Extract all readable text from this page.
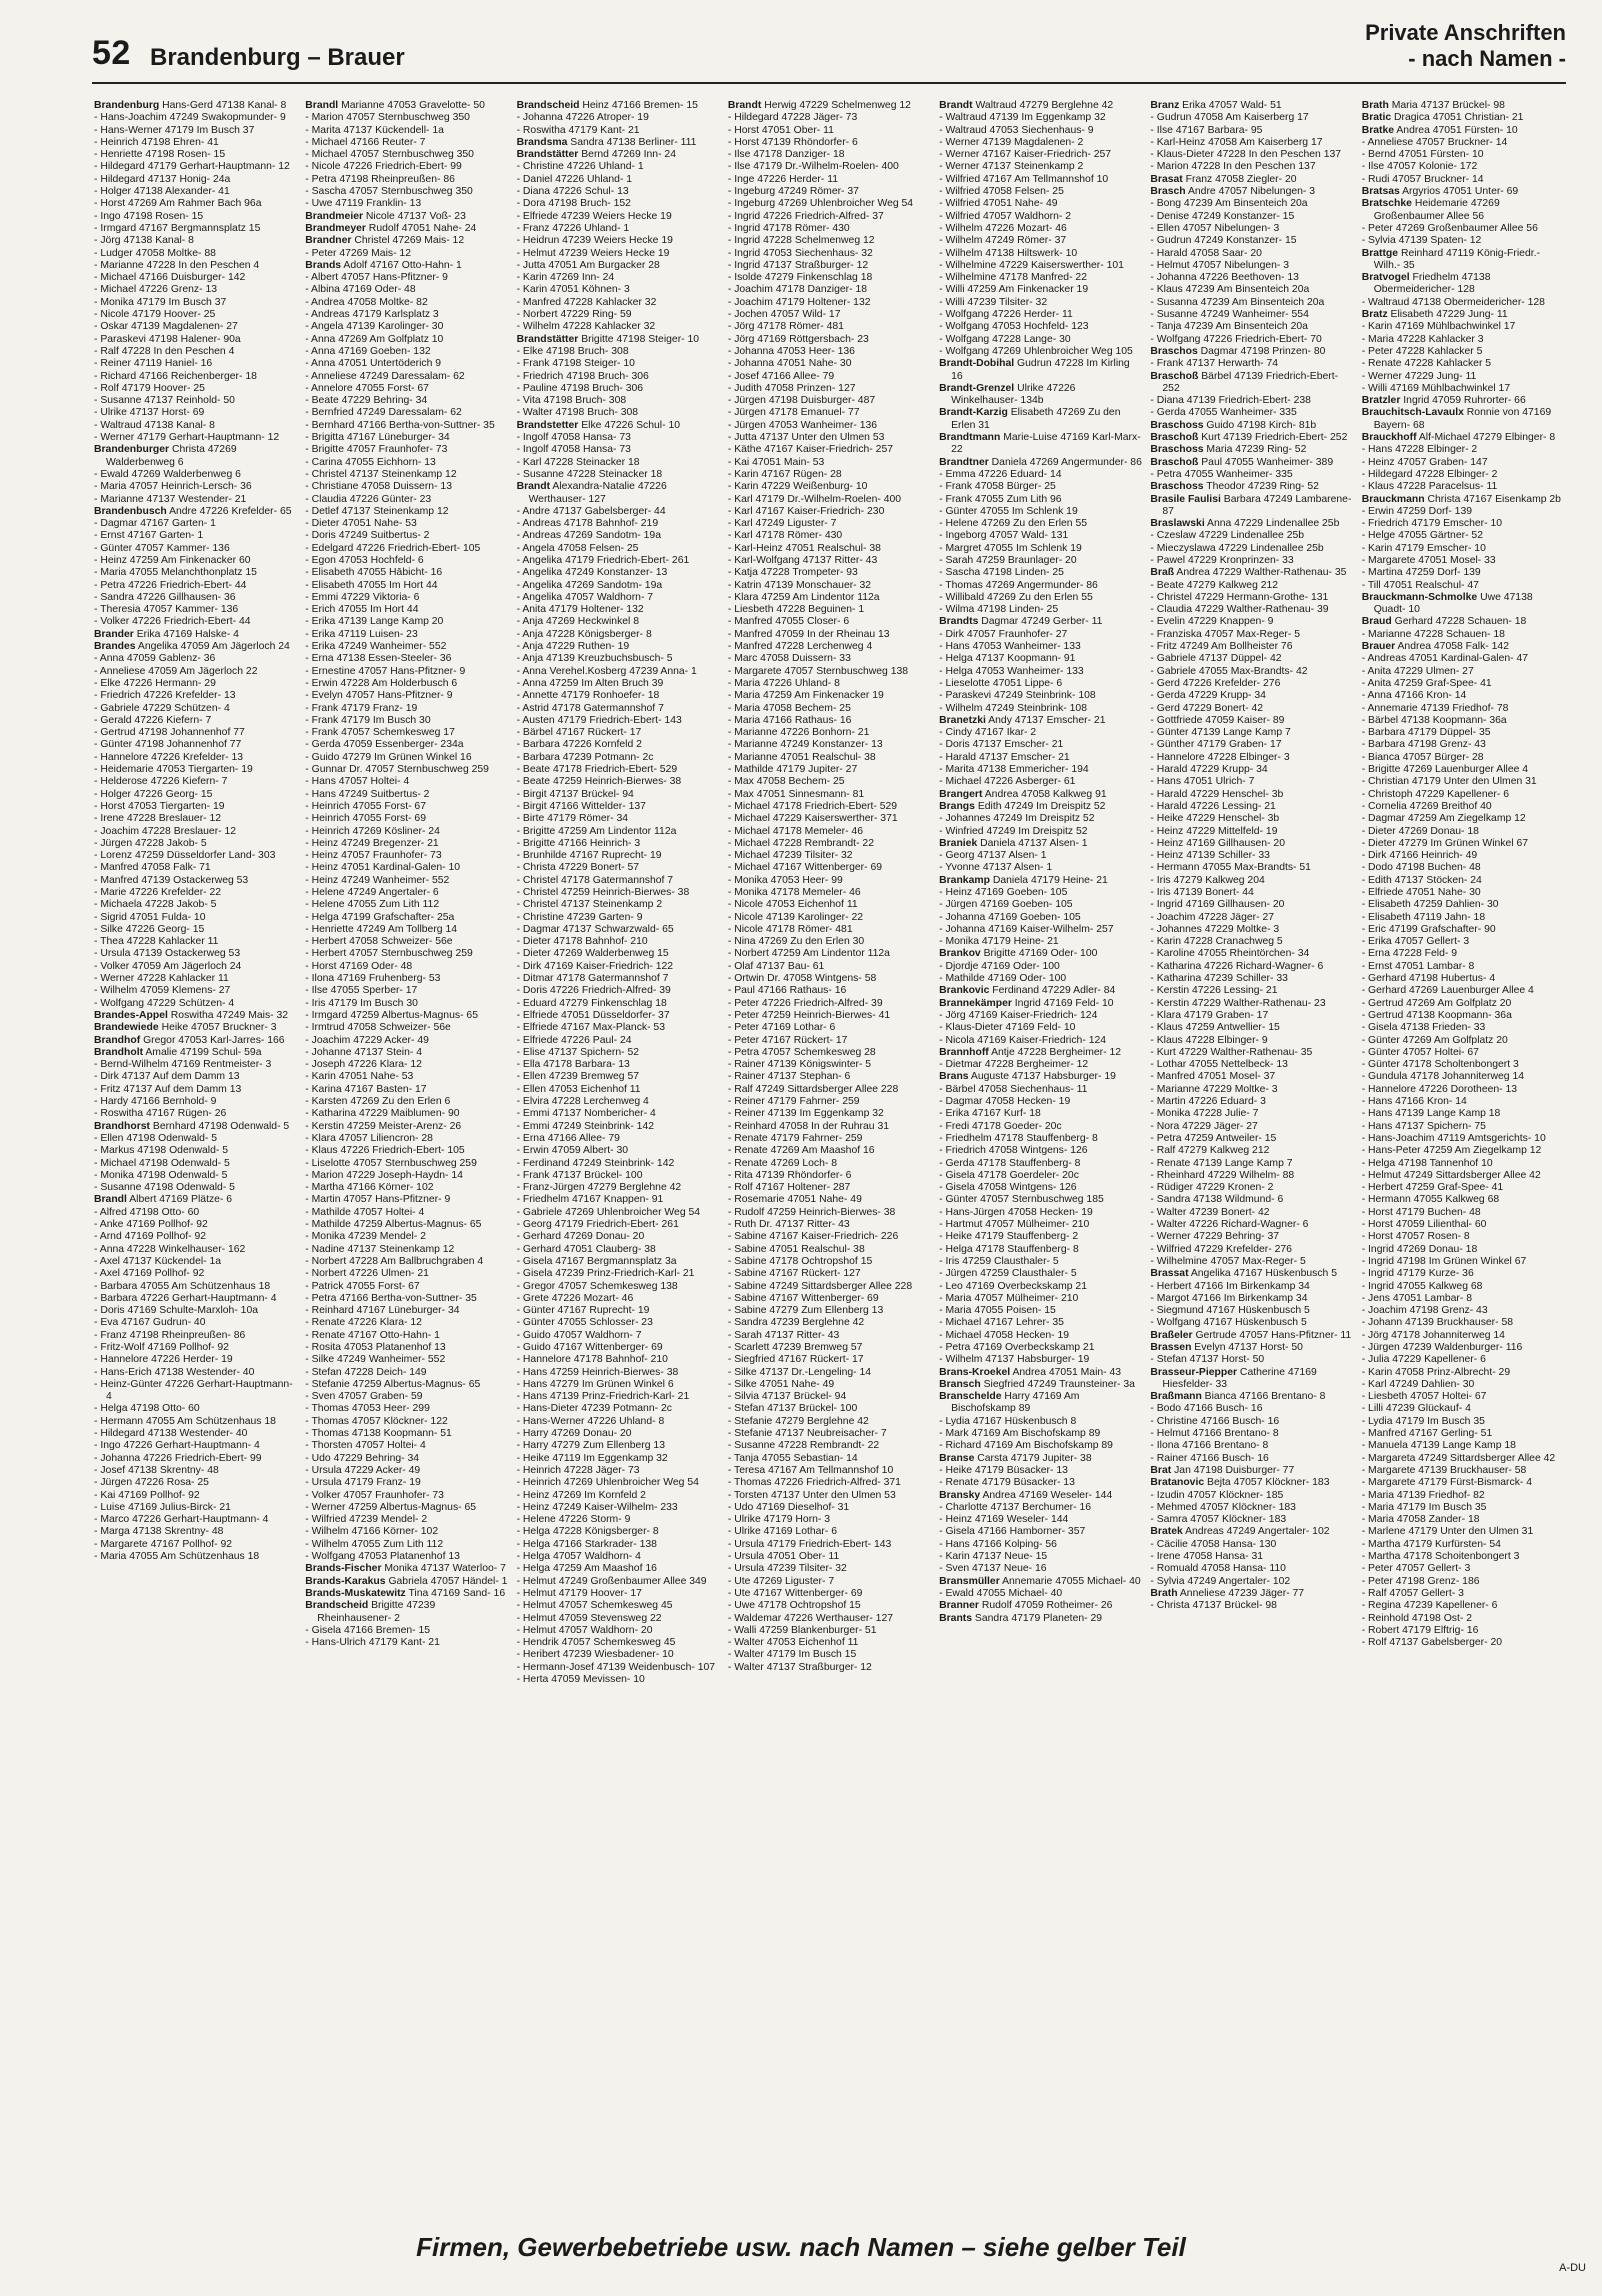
52 Brandenburg – Brauer
Private Anschriften
- nach Namen -
Brandenburg Hans-Gerd 47138 Kanal- 8
- Hans-Joachim 47249 Swakopmunder- 9
- Hans-Werner 47179 Im Busch 37
- Heinrich 47198 Ehren- 41
- Henriette 47198 Rosen- 15
- Hildegard 47179 Gerhart-Hauptmann- 12
- Hildegard 47137 Honig- 24a
- Holger 47138 Alexander- 41
- Horst 47269 Am Rahmer Bach 96a
- Ingo 47198 Rosen- 15
- Irmgard 47167 Bergmannsplatz 15
- Jörg 47138 Kanal- 8
- Ludger 47058 Moltke- 88
- Marianne 47228 In den Peschen 4
- Michael 47166 Duisburger- 142
- Michael 47226 Grenz- 13
- Monika 47179 Im Busch 37
- Nicole 47179 Hoover- 25
- Oskar 47139 Magdalenen- 27
- Paraskevi 47198 Halener- 90a
- Ralf 47228 In den Peschen 4
- Reiner 47119 Haniel- 16
- Richard 47166 Reichenberger- 18
- Rolf 47179 Hoover- 25
- Susanne 47137 Reinhold- 50
- Ulrike 47137 Horst- 69
- Waltraud 47138 Kanal- 8
- Werner 47179 Gerhart-Hauptmann- 12
Brandenburger Christa 47269 Walderbenweg 6
- Ewald 47269 Walderbenweg 6
- Maria 47057 Heinrich-Lersch- 36
- Marianne 47137 Westender- 21
Brandenbusch Andre 47226 Krefelder- 65
- Dagmar 47167 Garten- 1
- Ernst 47167 Garten- 1
- Günter 47057 Kammer- 136
- Heinz 47259 Am Finkenacker 60
- Maria 47055 Melanchthonplatz 15
- Petra 47226 Friedrich-Ebert- 44
- Sandra 47226 Gillhausen- 36
- Theresia 47057 Kammer- 136
- Volker 47226 Friedrich-Ebert- 44
Brander Erika 47169 Halske- 4
Brandes Angelika 47059 Am Jägerloch 24
- Anna 47059 Gablenz- 36
- Anneliese 47059 Am Jägerloch 22
- Elke 47226 Hermann- 29
- Friedrich 47226 Krefelder- 13
- Gabriele 47229 Schützen- 4
- Gerald 47226 Kiefern- 7
- Gertrud 47198 Johannenhof 77
- Günter 47198 Johannenhof 77
- Hannelore 47226 Krefelder- 13
- Heidemarie 47053 Tiergarten- 19
- Helderose 47226 Kiefern- 7
- Holger 47226 Georg- 15
- Horst 47053 Tiergarten- 19
- Irene 47228 Breslauer- 12
- Joachim 47228 Breslauer- 12
- Jürgen 47228 Jakob- 5
- Lorenz 47259 Düsseldorfer Land- 303
- Manfred 47058 Falk- 71
- Manfred 47139 Ostackerweg 53
- Marie 47226 Krefelder- 22
- Michaela 47228 Jakob- 5
- Sigrid 47051 Fulda- 10
- Silke 47226 Georg- 15
- Thea 47228 Kahlacker 11
- Ursula 47139 Ostackerweg 53
- Volker 47059 Am Jägerloch 24
- Werner 47228 Kahlacker 11
- Wilhelm 47059 Klemens- 27
- Wolfgang 47229 Schützen- 4
Brandes-Appel Roswitha 47249 Mais- 32
Brandewiede Heike 47057 Bruckner- 3
Brandhof Gregor 47053 Karl-Jarres- 166
Brandholt Amalie 47199 Schul- 59a
- Bernd-Wilhelm 47169 Rentmeister- 3
- Dirk 47137 Auf dem Damm 13
- Fritz 47137 Auf dem Damm 13
- Hardy 47166 Bernhold- 9
- Roswitha 47167 Rügen- 26
Brandhorst Bernhard 47198 Odenwald- 5
- Ellen 47198 Odenwald- 5
- Markus 47198 Odenwald- 5
- Michael 47198 Odenwald- 5
- Monika 47198 Odenwald- 5
- Susanne 47198 Odenwald- 5
Brandl Albert 47169 Plätze- 6
- Alfred 47198 Otto- 60
- Anke 47169 Pollhof- 92
- Arnd 47169 Pollhof- 92
- Anna 47228 Winkelhauser- 162
- Axel 47137 Kückendel- 1a
- Axel 47169 Pollhof- 92
- Barbara 47055 Am Schützenhaus 18
- Barbara 47226 Gerhart-Hauptmann- 4
- Doris 47169 Schulte-Marxloh- 10a
- Eva 47167 Gudrun- 40
- Franz 47198 Rheinpreußen- 86
- Fritz-Wolf 47169 Pollhof- 92
- Hannelore 47226 Herder- 19
- Hans-Erich 47138 Westender- 40
- Heinz-Günter 47226 Gerhart-Hauptmann- 4
- Helga 47198 Otto- 60
- Hermann 47055 Am Schützenhaus 18
- Hildegard 47138 Westender- 40
- Ingo 47226 Gerhart-Hauptmann- 4
- Johanna 47226 Friedrich-Ebert- 99
- Josef 47138 Skrentny- 48
- Jürgen 47226 Rosa- 25
- Kai 47169 Pollhof- 92
- Luise 47169 Julius-Birck- 21
- Marco 47226 Gerhart-Hauptmann- 4
- Marga 47138 Skrentny- 48
- Margarete 47167 Pollhof- 92
- Maria 47055 Am Schützenhaus 18
Brandl Marianne 47053 Gravelotte- 50
- Marion 47057 Sternbuschweg 350
- Marita 47137 Kückendell- 1a
- Michael 47166 Reuter- 7
- Michael 47057 Sternbuschweg 350
- Nicole 47226 Friedrich-Ebert- 99
- Petra 47198 Rheinpreußen- 86
- Sascha 47057 Sternbuschweg 350
- Uwe 47119 Franklin- 13
Brandmeier Nicole 47137 Voß- 23
Brandmeyer Rudolf 47051 Nahe- 24
Brandner Christel 47269 Mais- 12
- Peter 47269 Mais- 12
Brands Adolf 47167 Otto-Hahn- 1
- Albert 47057 Hans-Pfitzner- 9
- Albina 47169 Oder- 48
- Andrea 47058 Moltke- 82
- Andreas 47179 Karlsplatz 3
- Angela 47139 Karolinger- 30
- Anna 47269 Am Golfplatz 10
- Anna 47169 Goeben- 132
- Anna 47051 Untertöderich 9
- Anneliese 47249 Daressalam- 62
- Annelore 47055 Forst- 67
- Beate 47229 Behring- 34
- Bernfried 47249 Daressalam- 62
- Bernhard 47166 Bertha-von-Suttner- 35
- Brigitta 47167 Lüneburger- 34
- Brigitte 47057 Fraunhofer- 73
- Carina 47055 Eichhorn- 13
- Christel 47137 Steinenkamp 12
- Christiane 47058 Duissern- 13
- Claudia 47226 Günter- 23
- Detlef 47137 Steinenkamp 12
- Dieter 47051 Nahe- 53
- Doris 47249 Suitbertus- 2
- Edelgard 47226 Friedrich-Ebert- 105
- Egon 47053 Hochfeld- 6
- Elisabeth 47055 Hābicht- 16
- Elisabeth 47055 Im Hort 44
- Emmi 47229 Viktoria- 6
- Erich 47055 Im Hort 44
- Erika 47139 Lange Kamp 20
- Erika 47119 Luisen- 23
- Erika 47249 Wanheimer- 552
- Erna 47138 Essen-Steeler- 36
- Ernestine 47057 Hans-Pfitzner- 9
- Erwin 47228 Am Holderbusch 6
- Evelyn 47057 Hans-Pfitzner- 9
- Frank 47179 Franz- 19
- Frank 47179 Im Busch 30
- Frank 47057 Schemkesweg 17
- Gerda 47059 Essenberger- 234a
- Guido 47279 Im Grünen Winkel 16
- Gunnar Dr. 47057 Sternbuschweg 259
- Hans 47057 Holtei- 4
- Hans 47249 Suitbertus- 2
- Heinrich 47055 Forst- 67
- Heinrich 47055 Forst- 69
- Heinrich 47269 Kösliner- 24
- Heinz 47249 Bregenzer- 21
- Heinz 47057 Fraunhofer- 73
- Heinz 47051 Kardinal-Galen- 10
- Heinz 47249 Wanheimer- 552
- Helene 47249 Angertaler- 6
- Helene 47055 Zum Lith 112
- Helga 47199 Grafschafter- 25a
- Henriette 47249 Am Tollberg 14
- Herbert 47058 Schweizer- 56e
- Herbert 47057 Sternbuschweg 259
- Horst 47169 Oder- 48
- Ilona 47169 Fruhenberg- 53
- Ilse 47055 Sperber- 17
- Iris 47179 Im Busch 30
- Irmgard 47259 Albertus-Magnus- 65
- Irmtrud 47058 Schweizer- 56e
- Joachim 47229 Acker- 49
- Johanne 47137 Stein- 4
- Joseph 47226 Klara- 12
- Karin 47051 Nahe- 53
- Karina 47167 Basten- 17
- Karsten 47269 Zu den Erlen 6
- Katharina 47229 Maiblumen- 90
- Kerstin 47259 Meister-Arenz- 26
- Klara 47057 Liliencron- 28
- Klaus 47226 Friedrich-Ebert- 105
- Liselotte 47057 Sternbuschweg 259
- Marion 47229 Joseph-Haydn- 14
- Martha 47166 Körner- 102
- Martin 47057 Hans-Pfitzner- 9
- Mathilde 47057 Holtei- 4
- Mathilde 47259 Albertus-Magnus- 65
- Monika 47239 Mendel- 2
- Nadine 47137 Steinenkamp 12
- Norbert 47228 Am Ballbruchgraben 4
- Norbert 47226 Ulmen- 21
- Patrick 47055 Forst- 67
- Petra 47166 Bertha-von-Suttner- 35
- Reinhard 47167 Lüneburger- 34
- Renate 47226 Klara- 12
- Renate 47167 Otto-Hahn- 1
- Rosita 47053 Platanenhof 13
- Silke 47249 Wanheimer- 552
- Stefan 47228 Deich- 149
- Stefanie 47259 Albertus-Magnus- 65
- Sven 47057 Graben- 59
- Thomas 47053 Heer- 299
- Thomas 47057 Klöckner- 122
- Thomas 47138 Koopmann- 51
- Thorsten 47057 Holtei- 4
- Udo 47229 Behring- 34
- Ursula 47229 Acker- 49
- Ursula 47179 Franz- 19
- Volker 47057 Fraunhofer- 73
- Werner 47259 Albertus-Magnus- 65
- Wilfried 47239 Mendel- 2
- Wilhelm 47166 Körner- 102
- Wilhelm 47055 Zum Lith 112
- Wolfgang 47053 Platanenhof 13
Brands-Fischer Monika 47137 Waterloo- 7
Brands-Karakus Gabriela 47057 Händel- 1
Brands-Muskatewitz Tina 47169 Sand- 16
Brandscheid Brigitte 47239 Rheinhausener- 2
- Gisela 47166 Bremen- 15
- Hans-Ulrich 47179 Kant- 21
Brandscheid Heinz 47166 Bremen- 15
- Johanna 47226 Atroper- 19
- Roswitha 47179 Kant- 21
Brandsma Sandra 47138 Berliner- 111
Brandstätter Bernd 47269 Inn- 24
- Christine 47226 Uhland- 1
- Daniel 47226 Uhland- 1
- Diana 47226 Schul- 13
- Dora 47198 Bruch- 152
- Elfriede 47239 Weiers Hecke 19
- Franz 47226 Uhland- 1
- Heidrun 47239 Weiers Hecke 19
- Helmut 47239 Weiers Hecke 19
- Jutta 47051 Am Burgacker 28
- Karin 47269 Inn- 24
- Karin 47051 Köhnen- 3
- Manfred 47228 Kahlacker 32
- Norbert 47229 Ring- 59
- Wilhelm 47228 Kahlacker 32
Brandstätter Brigitte 47198 Steiger- 10
- Elke 47198 Bruch- 308
- Frank 47198 Steiger- 10
- Friedrich 47198 Bruch- 306
- Pauline 47198 Bruch- 306
- Vita 47198 Bruch- 308
- Walter 47198 Bruch- 308
Brandstetter Elke 47226 Schul- 10
- Ingolf 47058 Hansa- 73
- Ingolf 47058 Hansa- 73
- Karl 47228 Steinacker 18
- Susanne 47228 Steinacker 18
Brandt Alexandra-Natalie 47226 Werthauser- 127
- Andre 47137 Gabelsberger- 44
- Andreas 47178 Bahnhof- 219
- Andreas 47269 Sandotm- 19a
- Angela 47058 Felsen- 25
- Angelika 47179 Friedrich-Ebert- 261
- Angelika 47249 Konstanzer- 13
- Angelika 47269 Sandotm- 19a
- Angelika 47057 Waldhorn- 7
- Anita 47179 Holtener- 132
- Anja 47269 Heckwinkel 8
- Anja 47228 Königsberger- 8
- Anja 47229 Ruthen- 19
- Anja 47139 Kreuzbuchsbusch- 5
- Anna Verehel.Kosberg 47239 Anna- 1
- Anna 47259 Im Alten Bruch 39
- Annette 47179 Ronhoefer- 18
- Astrid 47178 Gatermannshof 7
- Austen 47179 Friedrich-Ebert- 143
- Bärbel 47167 Rückert- 17
- Barbara 47226 Kornfeld 2
- Barbara 47239 Potmann- 2c
- Beate 47178 Friedrich-Ebert- 529
- Beate 47259 Heinrich-Bierwes- 38
- Birgit 47137 Brückel- 94
- Birgit 47166 Wittelder- 137
- Birte 47179 Römer- 34
- Brigitte 47259 Am Lindentor 112a
- Brigitte 47166 Heinrich- 3
- Brunhilde 47167 Ruprecht- 19
- Christa 47229 Bonert- 57
- Christel 47178 Gatermannshof 7
- Christel 47259 Heinrich-Bierwes- 38
- Christel 47137 Steinenkamp 2
- Christine 47239 Garten- 9
- Dagmar 47137 Schwarzwald- 65
- Dieter 47178 Bahnhof- 210
- Dieter 47269 Walderbenweg 15
- Dirk 47169 Kaiser-Friedrich- 122
- Ditmar 47178 Gatermannshof 7
- Doris 47226 Friedrich-Alfred- 39
- Eduard 47279 Finkenschlag 18
- Elfriede 47051 Düsseldorfer- 37
- Elfriede 47167 Max-Planck- 53
- Elfriede 47226 Paul- 24
- Elise 47137 Spichern- 52
- Ella 47178 Barbara- 13
- Ellen 47239 Bremweg 57
- Ellen 47053 Eichenhof 11
- Elvira 47228 Lerchenweg 4
- Emmi 47137 Nombericher- 4
- Emmi 47249 Steinbrink- 142
- Erna 47166 Allee- 79
- Erwin 47059 Albert- 30
- Ferdinand 47249 Steinbrink- 142
- Frank 47137 Brückel- 100
- Franz-Jürgen 47279 Berglehne 42
- Friedhelm 47167 Knappen- 91
- Gabriele 47269 Uhlenbroicher Weg 54
- Georg 47179 Friedrich-Ebert- 261
- Gerhard 47269 Donau- 20
- Gerhard 47051 Clauberg- 38
- Gisela 47167 Bergmannsplatz 3a
- Gisela 47239 Prinz-Friedrich-Karl- 21
- Gregor 47057 Schemkesweg 138
- Grete 47226 Mozart- 46
- Günter 47167 Ruprecht- 19
- Günter 47055 Schlosser- 23
- Guido 47057 Waldhorn- 7
- Guido 47167 Wittenberger- 69
- Hannelore 47178 Bahnhof- 210
- Hans 47259 Heinrich-Bierwes- 38
- Hans 47279 Im Grünen Winkel 6
- Hans 47139 Prinz-Friedrich-Karl- 21
- Hans-Dieter 47239 Potmann- 2c
- Hans-Werner 47226 Uhland- 8
- Harry 47269 Donau- 20
- Harry 47279 Zum Ellenberg 13
- Heike 47119 Im Eggenkamp 32
- Heinrich 47228 Jäger- 73
- Heinrich 47269 Uhlenbroicher Weg 54
- Heinz 47269 Im Kornfeld 2
- Heinz 47249 Kaiser-Wilhelm- 233
- Helene 47226 Storm- 9
- Helga 47228 Königsberger- 8
- Helga 47166 Starkrader- 138
- Helga 47057 Waldhorn- 4
- Helga 47259 Am Maashof 16
- Helmut 47249 Großenbaumer Allee 349
- Helmut 47179 Hoover- 17
- Helmut 47057 Schemkesweg 45
- Helmut 47059 Stevensweg 22
- Helmut 47057 Waldhorn- 20
- Hendrik 47057 Schemkesweg 45
- Heribert 47239 Wiesbadener- 10
- Hermann-Josef 47139 Weidenbusch- 107
- Herta 47059 Mevissen- 10
Brandt Herwig 47229 Schelmenweg 12
- Hildegard 47228 Jäger- 73
- Horst 47051 Ober- 11
- Horst 47139 Rhöndorfer- 6
- Ilse 47178 Danziger- 18
- Ilse 47179 Dr.-Wilhelm-Roelen- 400
- Inge 47226 Herder- 11
- Ingeburg 47249 Römer- 37
- Ingeburg 47269 Uhlenbroicher Weg 54
- Ingrid 47226 Friedrich-Alfred- 37
- Ingrid 47178 Römer- 430
- Ingrid 47228 Schelmenweg 12
- Ingrid 47053 Siechenhaus- 32
- Ingrid 47137 Straßburger- 12
- Isolde 47279 Finkenschlag 18
- Joachim 47178 Danziger- 18
- Joachim 47179 Holtener- 132
- Jochen 47057 Wild- 17
- Jörg 47178 Römer- 481
- Jörg 47169 Röttgersbach- 23
- Johanna 47053 Heer- 136
- Johanna 47051 Nahe- 30
- Josef 47166 Allee- 79
- Judith 47058 Prinzen- 127
- Jürgen 47198 Duisburger- 487
- Jürgen 47178 Emanuel- 77
- Jürgen 47053 Wanheimer- 136
- Jutta 47137 Unter den Ulmen 53
- Käthe 47167 Kaiser-Friedrich- 257
- Kai 47051 Main- 53
- Karin 47167 Rügen- 28
- Karin 47229 Weißenburg- 10
- Karl 47179 Dr.-Wilhelm-Roelen- 400
- Karl 47167 Kaiser-Friedrich- 230
- Karl 47249 Liguster- 7
- Karl 47178 Römer- 430
- Karl-Heinz 47051 Realschul- 38
- Karl-Wolfgang 47137 Ritter- 43
- Katja 47228 Trompeter- 93
- Katrin 47139 Monschauer- 32
- Klara 47259 Am Lindentor 112a
- Liesbeth 47228 Beguinen- 1
- Manfred 47055 Closer- 6
- Manfred 47059 In der Rheinau 13
- Manfred 47228 Lerchenweg 4
- Marc 47058 Duissern- 33
- Margarete 47057 Sternbuschweg 138
- Maria 47226 Uhland- 8
- Maria 47259 Am Finkenacker 19
- Maria 47058 Bechem- 25
- Maria 47166 Rathaus- 16
- Marianne 47226 Bonhorn- 21
- Marianne 47249 Konstanzer- 13
- Marianne 47051 Realschul- 38
- Mathilde 47179 Jupiter- 27
- Max 47058 Bechem- 25
- Max 47051 Sinnesmann- 81
- Michael 47178 Friedrich-Ebert- 529
- Michael 47229 Kaiserswerther- 371
- Michael 47178 Memeler- 46
- Michael 47228 Rembrandt- 22
- Michael 47239 Tilsiter- 32
- Michael 47167 Wittenberger- 69
- Monika 47053 Heer- 99
- Monika 47178 Memeler- 46
- Nicole 47053 Eichenhof 11
- Nicole 47139 Karolinger- 22
- Nicole 47178 Römer- 481
- Nina 47269 Zu den Erlen 30
- Norbert 47259 Am Lindentor 112a
- Olaf 47137 Bau- 61
- Ortwin Dr. 47058 Wintgens- 58
- Paul 47166 Rathaus- 16
- Peter 47226 Friedrich-Alfred- 39
- Peter 47259 Heinrich-Bierwes- 41
- Peter 47169 Lothar- 6
- Peter 47167 Rückert- 17
- Petra 47057 Schemkesweg 28
- Rainer 47139 Königswinter- 5
- Rainer 47137 Stephan- 6
- Ralf 47249 Sittardsberger Allee 228
- Reiner 47179 Fahrner- 259
- Reiner 47139 Im Eggenkamp 32
- Reinhard 47058 In der Ruhrau 31
- Renate 47179 Fahrner- 259
- Renate 47269 Am Maashof 16
- Renate 47269 Loch- 8
- Rita 47139 Rhöndorfer- 6
- Rolf 47167 Holtener- 287
- Rosemarie 47051 Nahe- 49
- Rudolf 47259 Heinrich-Bierwes- 38
- Ruth Dr. 47137 Ritter- 43
- Sabine 47167 Kaiser-Friedrich- 226
- Sabine 47051 Realschul- 38
- Sabine 47178 Ochtropshof 15
- Sabine 47167 Rückert- 127
- Sabine 47249 Sittardsberger Allee 228
- Sabine 47167 Wittenberger- 69
- Sabine 47279 Zum Ellenberg 13
- Sandra 47239 Berglehne 42
- Sarah 47137 Ritter- 43
- Scarlett 47239 Bremweg 57
- Siegfried 47167 Rückert- 17
- Silke 47137 Dr.-Lengeling- 14
- Silke 47051 Nahe- 49
- Silvia 47137 Brückel- 94
- Stefan 47137 Brückel- 100
- Stefanie 47279 Berglehne 42
- Stefanie 47137 Neubreisacher- 7
- Susanne 47228 Rembrandt- 22
- Tanja 47055 Sebastian- 14
- Teresa 47167 Am Tellmannshof 10
- Thomas 47226 Friedrich-Alfred- 371
- Torsten 47137 Unter den Ulmen 53
- Udo 47169 Dieselhof- 31
- Ulrike 47179 Horn- 3
- Ulrike 47169 Lothar- 6
- Ursula 47179 Friedrich-Ebert- 143
- Ursula 47051 Ober- 11
- Ursula 47239 Tilsiter- 32
- Ute 47269 Liguster- 7
- Ute 47167 Wittenberger- 69
- Uwe 47178 Ochtropshof 15
- Waldemar 47226 Werthauser- 127
- Walli 47259 Blankenburger- 51
- Walter 47053 Eichenhof 11
- Walter 47179 Im Busch 15
- Walter 47137 Straßburger- 12
Brandt Waltraud 47279 Berglehne 42
- Waltraud 47139 Im Eggenkamp 32
- Waltraud 47053 Siechenhaus- 9
- Werner 47139 Magdalenen- 2
- Werner 47167 Kaiser-Friedrich- 257
- Werner 47137 Steinenkamp 2
- Wilfried 47167 Am Tellmannshof 10
- Wilfried 47058 Felsen- 25
- Wilfried 47051 Nahe- 49
- Wilfried 47057 Waldhorn- 2
- Wilhelm 47226 Mozart- 46
- Wilhelm 47249 Römer- 37
- Wilhelm 47138 Hiltswerk- 10
- Wilhelmine 47229 Kaiserswerther- 101
- Wilhelmine 47178 Manfred- 22
- Willi 47259 Am Finkenacker 19
- Willi 47239 Tilsiter- 32
- Wolfgang 47226 Herder- 11
- Wolfgang 47053 Hochfeld- 123
- Wolfgang 47228 Lange- 30
- Wolfgang 47269 Uhlenbroicher Weg 105
Brandt-Dobihal Gudrun 47228 Im Kirling 16
Brandt-Grenzel Ulrike 47226 Winkelhauser- 134b
Brandt-Karzig Elisabeth 47269 Zu den Erlen 31
Brandtmann Marie-Luise 47169 Karl-Marx- 22
Brandtner Daniela 47269 Angermunder- 86
- Emma 47226 Eduard- 14
- Frank 47058 Bürger- 25
- Frank 47055 Zum Lith 96
- Günter 47055 Im Schlenk 19
- Helene 47269 Zu den Erlen 55
- Ingeborg 47057 Wald- 131
- Margret 47055 Im Schlenk 19
- Sarah 47259 Braunlager- 20
- Sascha 47198 Linden- 25
- Thomas 47269 Angermunder- 86
- Willibald 47269 Zu den Erlen 55
- Wilma 47198 Linden- 25
Brandts Dagmar 47249 Gerber- 11
- Dirk 47057 Fraunhofer- 27
- Hans 47053 Wanheimer- 133
- Helga 47137 Koopmann- 91
- Helga 47053 Wanheimer- 133
- Lieselotte 47051 Lippe- 6
- Paraskevi 47249 Steinbrink- 108
- Wilhelm 47249 Steinbrink- 108
Branetzki Andy 47137 Emscher- 21
- Cindy 47167 Ikar- 2
- Doris 47137 Emscher- 21
- Harald 47137 Emscher- 21
- Marita 47138 Emmericher- 194
- Michael 47226 Asberger- 61
Brangert Andrea 47058 Kalkweg 91
Brangs Edith 47249 Im Dreispitz 52
- Johannes 47249 Im Dreispitz 52
- Winfried 47249 Im Dreispitz 52
Braniek Daniela 47137 Alsen- 1
- Georg 47137 Alsen- 1
- Yvonne 47137 Alsen- 1
Brankamp Daniela 47179 Heine- 21
- Heinz 47169 Goeben- 105
- Jürgen 47169 Goeben- 105
- Johanna 47169 Goeben- 105
- Johanna 47169 Kaiser-Wilhelm- 257
- Monika 47179 Heine- 21
Brankov Brigitte 47169 Oder- 100
- Djordje 47169 Oder- 100
- Mathilde 47169 Oder- 100
Brankovic Ferdinand 47229 Adler- 84
Brannekämper Ingrid 47169 Feld- 10
- Jörg 47169 Kaiser-Friedrich- 124
- Klaus-Dieter 47169 Feld- 10
- Nicola 47169 Kaiser-Friedrich- 124
Brannhoff Antje 47228 Bergheimer- 12
- Dietmar 47228 Bergheimer- 12
Brans Auguste 47137 Habsburger- 19
- Bärbel 47058 Siechenhaus- 11
- Dagmar 47058 Hecken- 19
- Erika 47167 Kurf- 18
- Fredi 47178 Goeder- 20c
- Friedhelm 47178 Stauffenberg- 8
- Friedrich 47058 Wintgens- 126
- Gerda 47178 Stauffenberg- 8
- Gisela 47178 Goerdeler- 20c
- Gisela 47058 Wintgens- 126
- Günter 47057 Sternbuschweg 185
- Hans-Jürgen 47058 Hecken- 19
- Hartmut 47057 Mülheimer- 210
- Heike 47179 Stauffenberg- 2
- Helga 47178 Stauffenberg- 8
- Iris 47259 Clausthaler- 5
- Jürgen 47259 Clausthaler- 5
- Leo 47169 Overbeckskamp 21
- Maria 47057 Mülheimer- 210
- Maria 47055 Poisen- 15
- Michael 47167 Lehrer- 35
- Michael 47058 Hecken- 19
- Petra 47169 Overbeckskamp 21
- Wilhelm 47137 Habsburger- 19
Brans-Kroekel Andrea 47051 Main- 43
Bransch Siegfried 47249 Traunsteiner- 3a
Branschelde Harry 47169 Am Bischofskamp 89
- Lydia 47167 Hüskenbusch 8
- Mark 47169 Am Bischofskamp 89
- Richard 47169 Am Bischofskamp 89
Branse Carsta 47179 Jupiter- 38
- Heike 47179 Büsacker- 13
- Renate 47179 Büsacker- 13
Bransky Andrea 47169 Weseler- 144
- Charlotte 47137 Berchumer- 16
- Heinz 47169 Weseler- 144
- Gisela 47166 Hamborner- 357
- Hans 47166 Kolping- 56
- Karin 47137 Neue- 15
- Sven 47137 Neue- 16
Bransmüller Annemarie 47055 Michael- 40
- Ewald 47055 Michael- 40
Branner Rudolf 47059 Rotheimer- 26
Brants Sandra 47179 Planeten- 29
Branz Erika 47057 Wald- 51
- Gudrun 47058 Am Kaiserberg 17
- Ilse 47167 Barbara- 95
- Karl-Heinz 47058 Am Kaiserberg 17
- Klaus-Dieter 47228 In den Peschen 137
- Marion 47228 In den Peschen 137
Brasat Franz 47058 Ziegler- 20
Brasch Andre 47057 Nibelungen- 3
- Bong 47239 Am Binsenteich 20a
- Denise 47249 Konstanzer- 15
- Ellen 47057 Nibelungen- 3
- Gudrun 47249 Konstanzer- 15
- Harald 47058 Saar- 20
- Helmut 47057 Nibelungen- 3
- Johanna 47226 Beethoven- 13
- Klaus 47239 Am Binsenteich 20a
- Susanna 47239 Am Binsenteich 20a
- Susanne 47249 Wanheimer- 554
- Tanja 47239 Am Binsenteich 20a
- Wolfgang 47226 Friedrich-Ebert- 70
Braschos Dagmar 47198 Prinzen- 80
- Frank 47137 Herwarth- 74
Braschoß Bärbel 47139 Friedrich-Ebert- 252
- Diana 47139 Friedrich-Ebert- 238
- Gerda 47055 Wanheimer- 335
Braschoss Guido 47198 Kirch- 81b
Braschoß Kurt 47139 Friedrich-Ebert- 252
Braschoss Maria 47239 Ring- 52
Braschoß Paul 47055 Wanheimer- 389
- Petra 47055 Wanheimer- 335
Braschoss Theodor 47239 Ring- 52
Brasile Faulisi Barbara 47249 Lambarene- 87
Braslawski Anna 47229 Lindenallee 25b
- Czeslaw 47229 Lindenallee 25b
- Mieczyslawa 47229 Lindenallee 25b
- Pawel 47229 Kronprinzen- 33
Braß Andrea 47229 Walther-Rathenau- 35
- Beate 47279 Kalkweg 212
- Christel 47229 Hermann-Grothe- 131
- Claudia 47229 Walther-Rathenau- 39
- Evelin 47229 Knappen- 9
- Franziska 47057 Max-Reger- 5
- Fritz 47249 Am Bollheister 76
- Gabriele 47137 Düppel- 42
- Gabriele 47055 Max-Brandts- 42
- Gerd 47226 Krefelder- 276
- Gerda 47229 Krupp- 34
- Gerd 47229 Bonert- 42
- Gottfriede 47059 Kaiser- 89
- Günter 47139 Lange Kamp 7
- Günther 47179 Graben- 17
- Hannelore 47228 Elbinger- 3
- Harald 47229 Krupp- 34
- Hans 47051 Ulrich- 7
- Harald 47229 Henschel- 3b
- Harald 47226 Lessing- 21
- Heike 47229 Henschel- 3b
- Heinz 47229 Mittelfeld- 19
- Heinz 47169 Gillhausen- 20
- Heinz 47139 Schiller- 33
- Hermann 47055 Max-Brandts- 51
- Iris 47279 Kalkweg 204
- Iris 47139 Bonert- 44
- Ingrid 47169 Gillhausen- 20
- Joachim 47228 Jäger- 27
- Johannes 47229 Moltke- 3
- Karin 47228 Cranachweg 5
- Karoline 47055 Rheintörchen- 34
- Katharina 47226 Richard-Wagner- 6
- Katharina 47239 Schiller- 33
- Kerstin 47226 Lessing- 21
- Kerstin 47229 Walther-Rathenau- 23
- Klara 47179 Graben- 17
- Klaus 47259 Antwellier- 15
- Klaus 47228 Elbinger- 9
- Kurt 47229 Walther-Rathenau- 35
- Lothar 47055 Nettelbeck- 13
- Manfred 47051 Mosel- 37
- Marianne 47229 Moltke- 3
- Martin 47226 Eduard- 3
- Monika 47228 Julie- 7
- Nora 47229 Jäger- 27
- Petra 47259 Antweiler- 15
- Ralf 47279 Kalkweg 212
- Renate 47139 Lange Kamp 7
- Rheinhard 47229 Wilhelm- 88
- Rüdiger 47229 Kronen- 2
- Sandra 47138 Wildmund- 6
- Walter 47239 Bonert- 42
- Walter 47226 Richard-Wagner- 6
- Werner 47229 Behring- 37
- Wilfried 47229 Krefelder- 276
- Wilhelmine 47057 Max-Reger- 5
Brassat Angelika 47167 Hüskenbusch 5
- Herbert 47166 Im Birkenkamp 34
- Margot 47166 Im Birkenkamp 34
- Siegmund 47167 Hüskenbusch 5
- Wolfgang 47167 Hüskenbusch 5
Braßeler Gertrude 47057 Hans-Pfitzner- 11
Brassen Evelyn 47137 Horst- 50
- Stefan 47137 Horst- 50
Brasseur-Piepper Catherine 47169 Hiesfelder- 33
Braßmann Bianca 47166 Brentano- 8
- Bodo 47166 Busch- 16
- Christine 47166 Busch- 16
- Helmut 47166 Brentano- 8
- Ilona 47166 Brentano- 8
- Rainer 47166 Busch- 16
Brat Jan 47198 Duisburger- 77
Bratanovic Bejta 47057 Klöckner- 183
- Izudin 47057 Klöckner- 185
- Mehmed 47057 Klöckner- 183
- Samra 47057 Klöckner- 183
Bratek Andreas 47249 Angertaler- 102
- Cäcilie 47058 Hansa- 130
- Irene 47058 Hansa- 31
- Romuald 47058 Hansa- 110
- Sylvia 47249 Angertaler- 102
Brath Anneliese 47239 Jäger- 77
- Christa 47137 Brückel- 98
Brath Maria 47137 Brückel- 98
Bratic Dragica 47051 Christian- 21
Bratke Andrea 47051 Fürsten- 10
- Anneliese 47057 Bruckner- 14
- Bernd 47051 Fürsten- 10
- Ilse 47057 Kolonie- 172
- Rudi 47057 Bruckner- 14
Bratsas Argyrios 47051 Unter- 69
Bratschke Heidemarie 47269 Großenbaumer Allee 56
- Peter 47269 Großenbaumer Allee 56
- Sylvia 47139 Spaten- 12
Brattge Reinhard 47119 König-Friedr.-Wilh.- 35
Bratvogel Friedhelm 47138 Obermeidericher- 128
- Waltraud 47138 Obermeidericher- 128
Bratz Elisabeth 47229 Jung- 11
- Karin 47169 Mühlbachwinkel 17
- Maria 47228 Kahlacker 3
- Peter 47228 Kahlacker 5
- Renate 47228 Kahlacker 5
- Werner 47229 Jung- 11
- Willi 47169 Mühlbachwinkel 17
Bratzler Ingrid 47059 Ruhrorter- 66
Brauchitsch-Lavaulx Ronnie von 47169 Bayern- 68
Brauckhoff Alf-Michael 47279 Elbinger- 8
- Hans 47228 Elbinger- 2
- Heinz 47057 Graben- 147
- Hildegard 47228 Elbinger- 2
- Klaus 47228 Paracelsus- 11
Brauckmann Christa 47167 Eisenkamp 2b
- Erwin 47259 Dorf- 139
- Friedrich 47179 Emscher- 10
- Helge 47055 Gärtner- 52
- Karin 47179 Emscher- 10
- Margarete 47051 Mosel- 33
- Martina 47259 Dorf- 139
- Till 47051 Realschul- 47
Brauckmann-Schmolke Uwe 47138 Quadt- 10
Braud Gerhard 47228 Schauen- 18
- Marianne 47228 Schauen- 18
Brauer Andrea 47058 Falk- 142
- Andreas 47051 Kardinal-Galen- 47
- Anita 47229 Ulmen- 27
- Anita 47259 Graf-Spee- 41
- Anna 47166 Kron- 14
- Annemarie 47139 Friedhof- 78
- Bärbel 47138 Koopmann- 36a
- Barbara 47179 Düppel- 35
- Barbara 47198 Grenz- 43
- Bianca 47057 Bürger- 28
- Brigitte 47269 Lauenburger Allee 4
- Christian 47179 Unter den Ulmen 31
- Christoph 47229 Kapellener- 6
- Cornelia 47269 Breithof 40
- Dagmar 47259 Am Ziegelkamp 12
- Dieter 47269 Donau- 18
- Dieter 47279 Im Grünen Winkel 67
- Dirk 47166 Heinrich- 49
- Dodo 47198 Buchen- 48
- Edith 47137 Stöcken- 24
- Elfriede 47051 Nahe- 30
- Elisabeth 47259 Dahlien- 30
- Elisabeth 47119 Jahn- 18
- Eric 47199 Grafschafter- 90
- Erika 47057 Gellert- 3
- Erna 47228 Feld- 9
- Ernst 47051 Lambar- 8
- Gerhard 47198 Hubertus- 4
- Gerhard 47269 Lauenburger Allee 4
- Gertrud 47269 Am Golfplatz 20
- Gertrud 47138 Koopmann- 36a
- Gisela 47138 Frieden- 33
- Günter 47269 Am Golfplatz 20
- Günter 47057 Holtei- 67
- Günter 47178 Scholtenbongert 3
- Gundula 47178 Johanniterweg 14
- Hannelore 47226 Dorotheen- 13
- Hans 47166 Kron- 14
- Hans 47139 Lange Kamp 18
- Hans 47137 Spichern- 75
- Hans-Joachim 47119 Amtsgerichts- 10
- Hans-Peter 47259 Am Ziegelkamp 12
- Helga 47198 Tannenhof 10
- Helmut 47249 Sittardsberger Allee 42
- Herbert 47259 Graf-Spee- 41
- Hermann 47055 Kalkweg 68
- Horst 47179 Buchen- 48
- Horst 47059 Lilienthal- 60
- Horst 47057 Rosen- 8
- Ingrid 47269 Donau- 18
- Ingrid 47198 Im Grünen Winkel 67
- Ingrid 47179 Kurze- 36
- Ingrid 47055 Kalkweg 68
- Jens 47051 Lambar- 8
- Joachim 47198 Grenz- 43
- Johann 47139 Bruckhauser- 58
- Jörg 47178 Johanniterweg 14
- Jürgen 47239 Waldenburger- 116
- Julia 47229 Kapellener- 6
- Karin 47058 Prinz-Albrecht- 29
- Karl 47249 Dahlien- 30
- Liesbeth 47057 Holtei- 67
- Lilli 47239 Glückauf- 4
- Lydia 47179 Im Busch 35
- Manfred 47167 Gerling- 51
- Manuela 47139 Lange Kamp 18
- Margareta 47249 Sittardsberger Allee 42
- Margarete 47139 Bruckhauser- 58
- Margarete 47179 Fürst-Bismarck- 4
- Maria 47139 Friedhof- 82
- Maria 47179 Im Busch 35
- Maria 47058 Zander- 18
- Marlene 47179 Unter den Ulmen 31
- Martha 47179 Kurfürsten- 54
- Martha 47178 Schoitenbongert 3
- Peter 47057 Gellert- 3
- Peter 47198 Grenz- 186
- Ralf 47057 Gellert- 3
- Regina 47239 Kapellener- 6
- Reinhold 47198 Ost- 2
- Robert 47179 Elftrig- 16
- Rolf 47137 Gabelsberger- 20
Firmen, Gewerbebetriebe usw. nach Namen – siehe gelber Teil
A-DU
